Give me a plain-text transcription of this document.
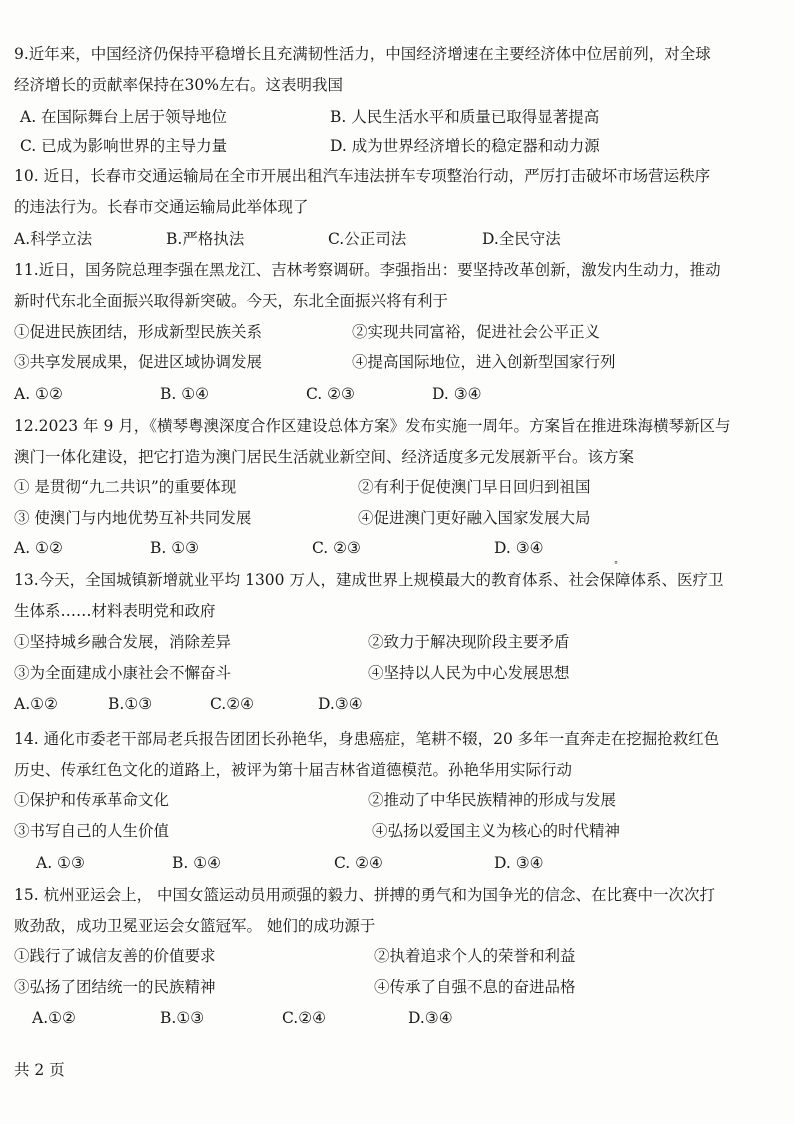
9.近年来，中国经济仍保持平稳增长且充满韧性活力，中国经济增速在主要经济体中位居前列，对全球
经济增长的贡献率保持在30%左右。这表明我国
A. 在国际舞台上居于领导地位	B. 人民生活水平和质量已取得显著提高
C. 已成为影响世界的主导力量	D. 成为世界经济增长的稳定器和动力源
10. 近日，长春市交通运输局在全市开展出租汽车违法拼车专项整治行动，严厉打击破坏市场营运秩序
的违法行为。长春市交通运输局此举体现了
A.科学立法	B.严格执法	C.公正司法	D.全民守法
11.近日，国务院总理李强在黑龙江、吉林考察调研。李强指出：要坚持改革创新，激发内生动力，推动
新时代东北全面振兴取得新突破。今天，东北全面振兴将有利于
①促进民族团结，形成新型民族关系	②实现共同富裕，促进社会公平正义
③共享发展成果，促进区域协调发展	④提高国际地位，进入创新型国家行列
A. ①②	B. ①④	C. ②③	D. ③④
12.2023 年 9 月，《横琴粤澳深度合作区建设总体方案》发布实施一周年。方案旨在推进珠海横琴新区与
澳门一体化建设，把它打造为澳门居民生活就业新空间、经济适度多元发展新平台。该方案
① 是贯彻“九二共识”的重要体现	②有利于促使澳门早日回归到祖国
③ 使澳门与内地优势互补共同发展	④促进澳门更好融入国家发展大局
A. ①②	B. ①③	C. ②③	D. ③④
°
13.今天，全国城镇新增就业平均 1300 万人，建成世界上规模最大的教育体系、社会保障体系、医疗卫
生体系……材料表明党和政府
①坚持城乡融合发展，消除差异	②致力于解决现阶段主要矛盾
③为全面建成小康社会不懈奋斗	④坚持以人民为中心发展思想
A.①②	B.①③	C.②④	D.③④
14. 通化市委老干部局老兵报告团团长孙艳华，身患癌症，笔耕不辍，20 多年一直奔走在挖掘抢救红色
历史、传承红色文化的道路上，被评为第十届吉林省道德模范。孙艳华用实际行动
①保护和传承革命文化	②推动了中华民族精神的形成与发展
③书写自己的人生价值	④弘扬以爱国主义为核心的时代精神
A. ①③	B. ①④	C. ②④	D. ③④
15. 杭州亚运会上， 中国女篮运动员用顽强的毅力、拼搏的勇气和为国争光的信念、在比赛中一次次打
败劲敌，成功卫冕亚运会女篮冠军。 她们的成功源于
①践行了诚信友善的价值要求	②执着追求个人的荣誉和利益
③弘扬了团结统一的民族精神	④传承了自强不息的奋进品格
A.①②	B.①③	C.②④	D.③④
共 2 页
